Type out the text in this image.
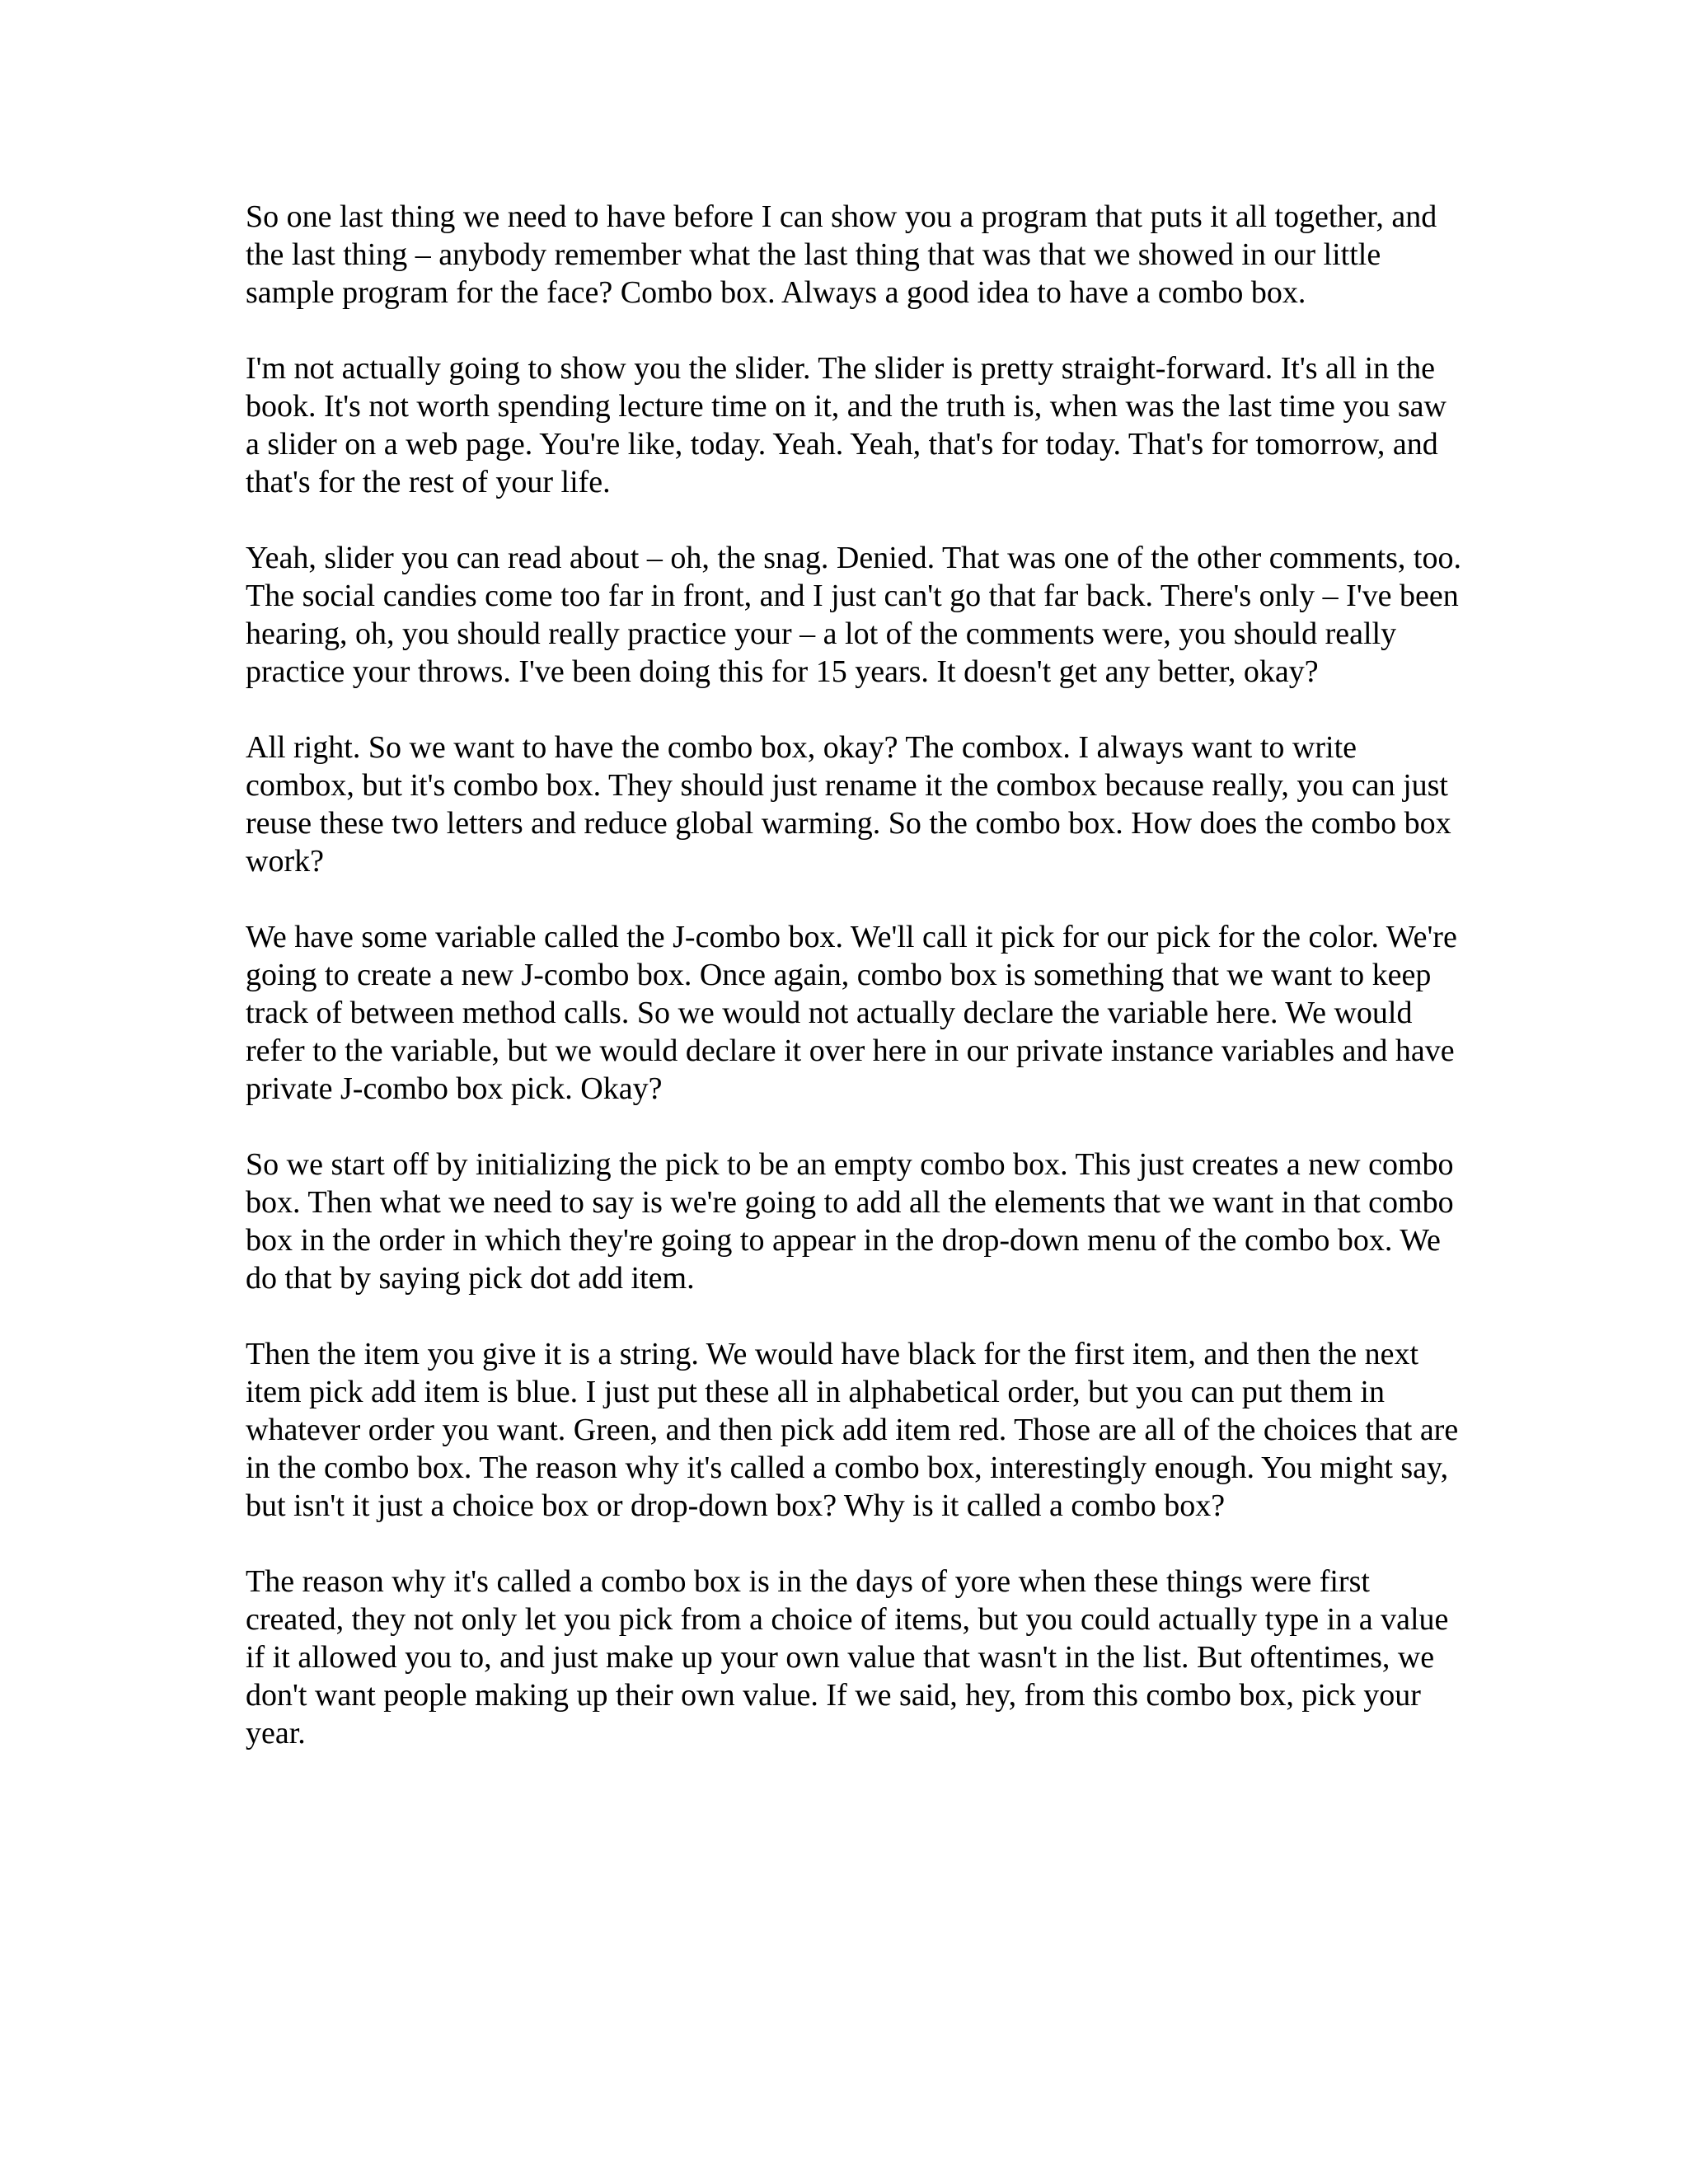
So one last thing we need to have before I can show you a program that puts it all together, and the last thing – anybody remember what the last thing that was that we showed in our little sample program for the face? Combo box. Always a good idea to have a combo box.

I'm not actually going to show you the slider. The slider is pretty straight-forward. It's all in the book. It's not worth spending lecture time on it, and the truth is, when was the last time you saw a slider on a web page. You're like, today. Yeah. Yeah, that's for today. That's for tomorrow, and that's for the rest of your life.

Yeah, slider you can read about – oh, the snag. Denied. That was one of the other comments, too. The social candies come too far in front, and I just can't go that far back. There's only – I've been hearing, oh, you should really practice your – a lot of the comments were, you should really practice your throws. I've been doing this for 15 years. It doesn't get any better, okay?

All right. So we want to have the combo box, okay? The combox. I always want to write combox, but it's combo box. They should just rename it the combox because really, you can just reuse these two letters and reduce global warming. So the combo box. How does the combo box work?

We have some variable called the J-combo box. We'll call it pick for our pick for the color. We're going to create a new J-combo box. Once again, combo box is something that we want to keep track of between method calls. So we would not actually declare the variable here. We would refer to the variable, but we would declare it over here in our private instance variables and have private J-combo box pick. Okay?

So we start off by initializing the pick to be an empty combo box. This just creates a new combo box. Then what we need to say is we're going to add all the elements that we want in that combo box in the order in which they're going to appear in the drop-down menu of the combo box. We do that by saying pick dot add item.

Then the item you give it is a string. We would have black for the first item, and then the next item pick add item is blue. I just put these all in alphabetical order, but you can put them in whatever order you want. Green, and then pick add item red. Those are all of the choices that are in the combo box. The reason why it's called a combo box, interestingly enough. You might say, but isn't it just a choice box or drop-down box? Why is it called a combo box?

The reason why it's called a combo box is in the days of yore when these things were first created, they not only let you pick from a choice of items, but you could actually type in a value if it allowed you to, and just make up your own value that wasn't in the list. But oftentimes, we don't want people making up their own value. If we said, hey, from this combo box, pick your year.
